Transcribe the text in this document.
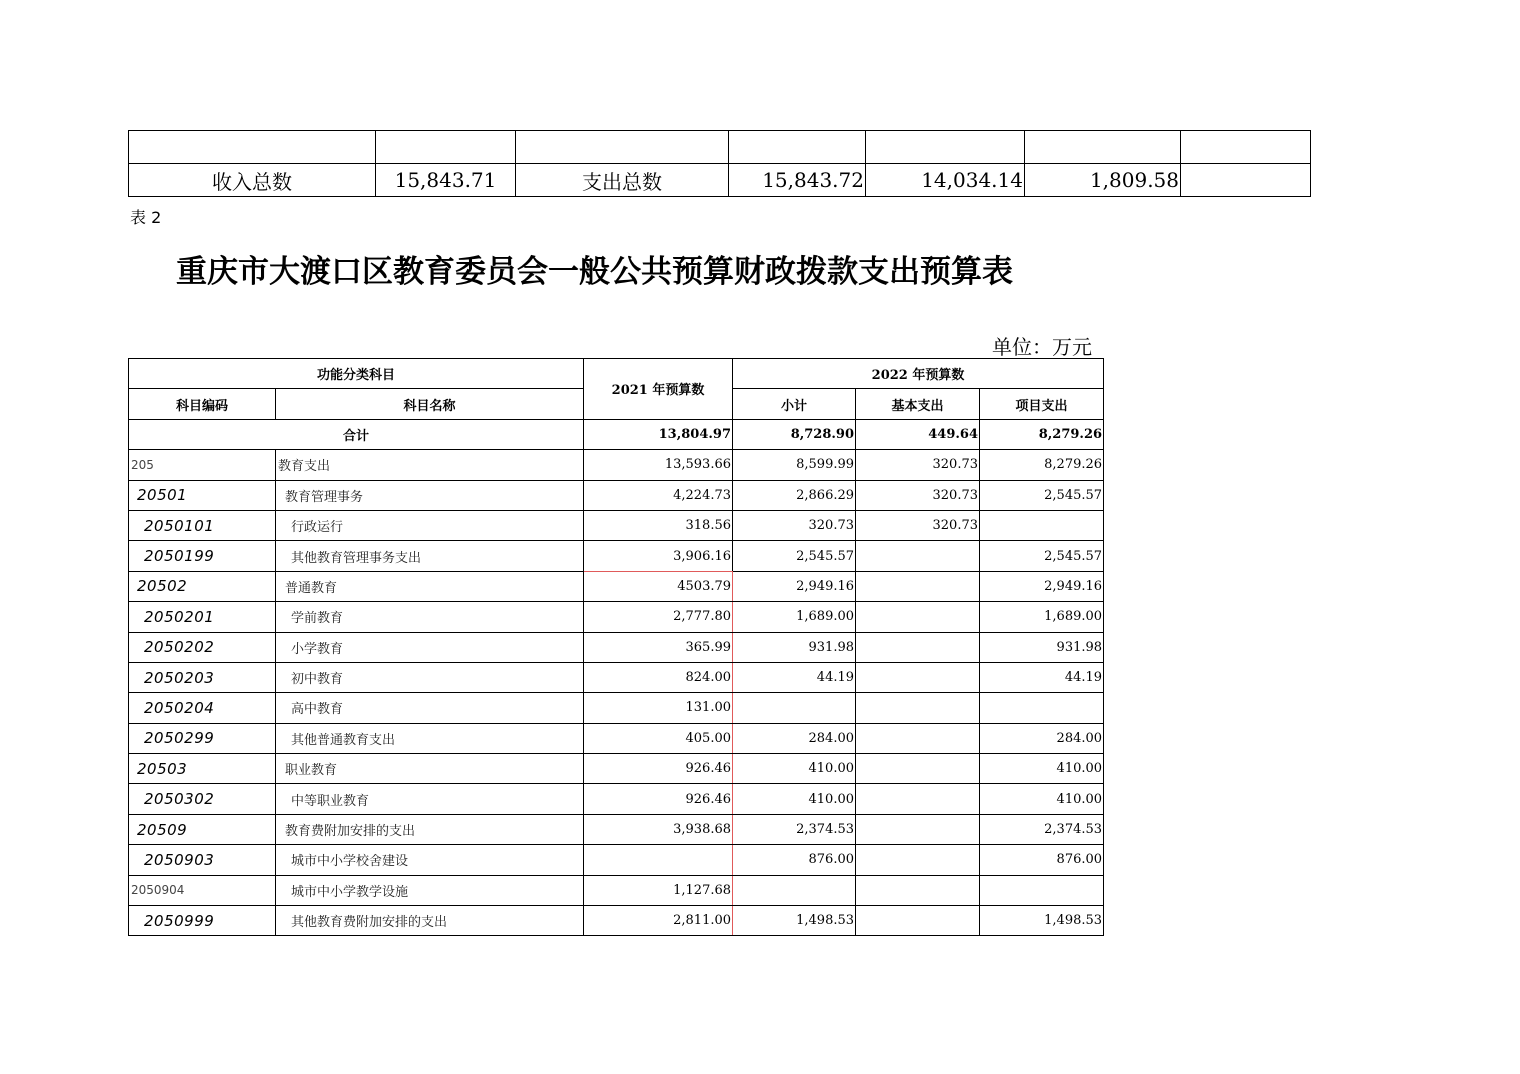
收入总数	15,843.71	支出总数	15,843.72	14,034.14	1,809.58	
表 2
重庆市大渡口区教育委员会一般公共预算财政拨款支出预算表
单位：万元
功能分类科目		2021 年预算数	2022 年预算数		
科目编码	科目名称		小计	基本支出	项目支出
合计		13,804.97	8,728.90	449.64	8,279.26
205	教育支出	13,593.66	8,599.99	320.73	8,279.26
20501	教育管理事务	4,224.73	2,866.29	320.73	2,545.57
2050101	行政运行	318.56	320.73	320.73	
2050199	其他教育管理事务支出	3,906.16	2,545.57		2,545.57
20502	普通教育	4503.79	2,949.16		2,949.16
2050201	学前教育	2,777.80	1,689.00		1,689.00
2050202	小学教育	365.99	931.98		931.98
2050203	初中教育	824.00	44.19		44.19
2050204	高中教育	131.00			
2050299	其他普通教育支出	405.00	284.00		284.00
20503	职业教育	926.46	410.00		410.00
2050302	中等职业教育	926.46	410.00		410.00
20509	教育费附加安排的支出	3,938.68	2,374.53		2,374.53
2050903	城市中小学校舍建设		876.00		876.00
2050904	城市中小学教学设施	1,127.68			
2050999	其他教育费附加安排的支出	2,811.00	1,498.53		1,498.53
